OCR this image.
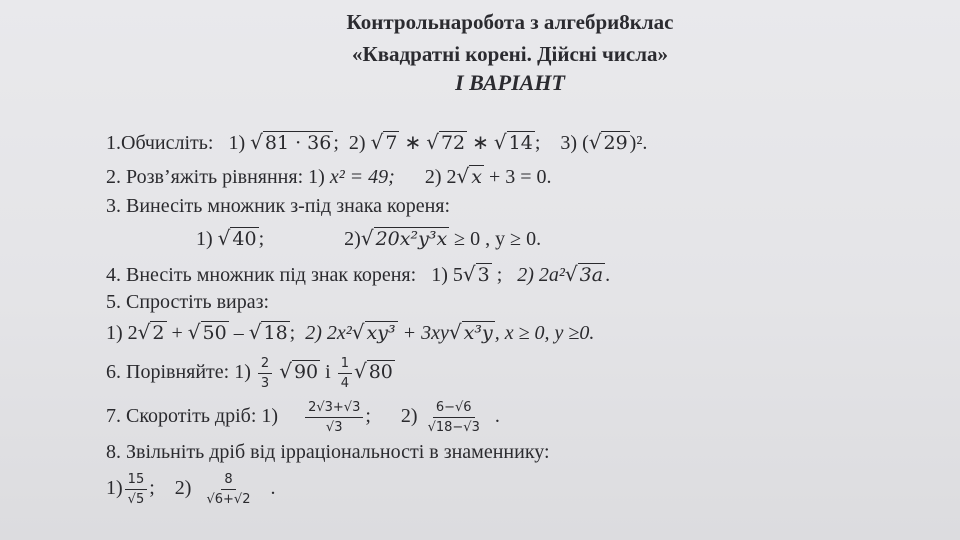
Контрольнаробота з алгебри8клас
«Квадратні корені. Дійсні числа»
І ВАРІАНТ
1.Обчисліть: 1) √ 81 · 36 ; 2) √ 7 ∗ √ 72 ∗ √ 14 ; 3) (√ 29 )².
2. Розв’яжіть рівняння: 1) x² = 49; 2) 2√ x + 3 = 0.
3. Винесіть множник з-під знака кореня:
1) √ 40 ;	2)√ 20x²y³x ≥ 0 , y ≥ 0.
4. Внесіть множник під знак кореня: 1) 5√ 3 ; 2) 2a²√ 3a .
5. Спростіть вираз:
1) 2√ 2 + √ 50 – √ 18 ; 2) 2x²√ xy³ + 3xy√ x³y , x ≥ 0, y ≥0.
6. Порівняйте: $1) \frac{2}{3}$ √ 90 і $\frac{1}{4}$ √ 80
7. Скоротіть дріб: $1) \frac{2√3+√3}{√3}$ ; $2) \frac{6-√6}{√18-√3}$ .
8. Звільніть дріб від ірраціональності в знаменнику:
$1) \frac{15}{√5}$ ; $2) \frac{8}{√6+√2}$ .
